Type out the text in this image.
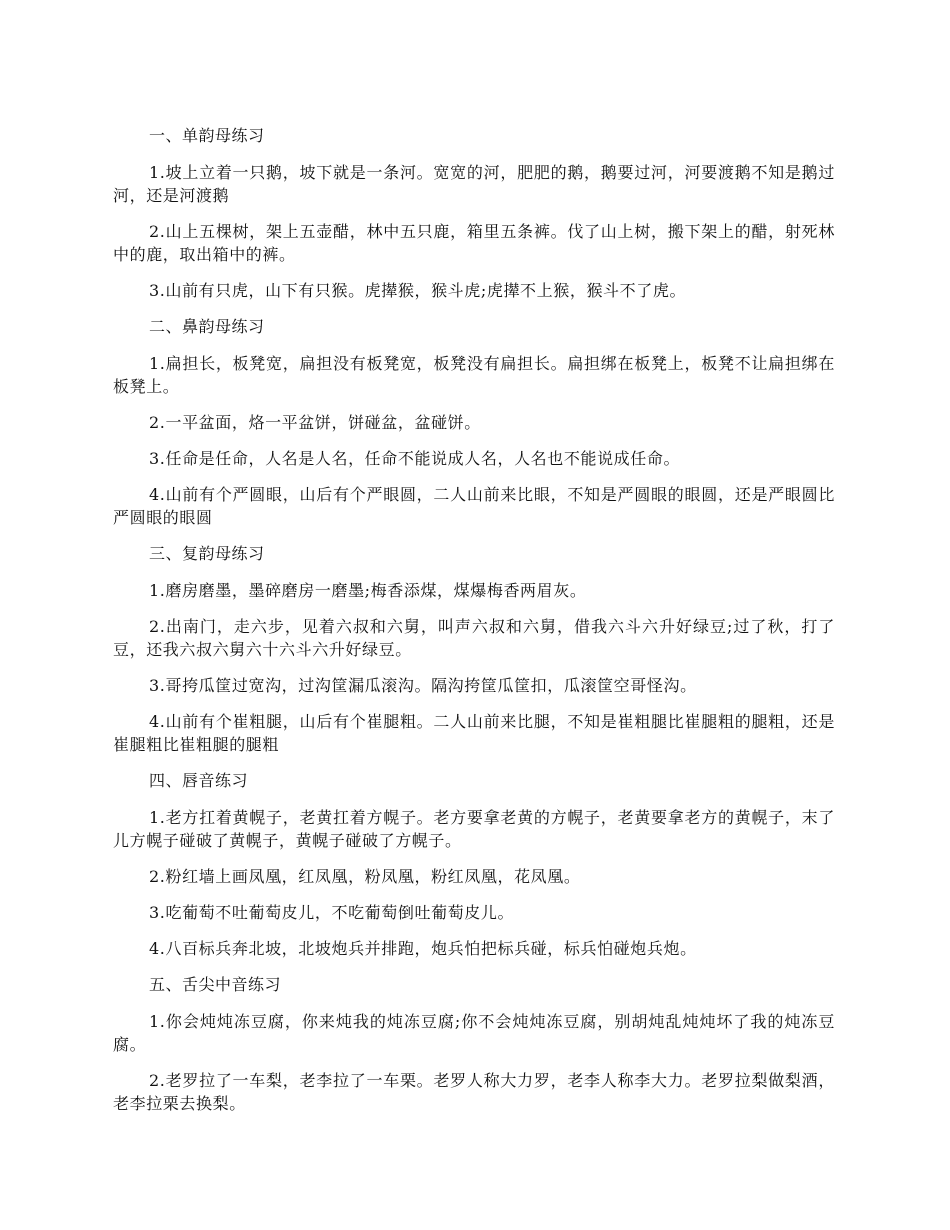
一、单韵母练习

1.坡上立着一只鹅，坡下就是一条河。宽宽的河，肥肥的鹅，鹅要过河，河要渡鹅不知是鹅过河，还是河渡鹅

2.山上五棵树，架上五壶醋，林中五只鹿，箱里五条裤。伐了山上树，搬下架上的醋，射死林中的鹿，取出箱中的裤。

3.山前有只虎，山下有只猴。虎撵猴，猴斗虎;虎撵不上猴，猴斗不了虎。

二、鼻韵母练习

1.扁担长，板凳宽，扁担没有板凳宽，板凳没有扁担长。扁担绑在板凳上，板凳不让扁担绑在板凳上。

2.一平盆面，烙一平盆饼，饼碰盆，盆碰饼。

3.任命是任命，人名是人名，任命不能说成人名，人名也不能说成任命。

4.山前有个严圆眼，山后有个严眼圆，二人山前来比眼，不知是严圆眼的眼圆，还是严眼圆比严圆眼的眼圆

三、复韵母练习

1.磨房磨墨，墨碎磨房一磨墨;梅香添煤，煤爆梅香两眉灰。

2.出南门，走六步，见着六叔和六舅，叫声六叔和六舅，借我六斗六升好绿豆;过了秋，打了豆，还我六叔六舅六十六斗六升好绿豆。

3.哥挎瓜筐过宽沟，过沟筐漏瓜滚沟。隔沟挎筐瓜筐扣，瓜滚筐空哥怪沟。

4.山前有个崔粗腿，山后有个崔腿粗。二人山前来比腿，不知是崔粗腿比崔腿粗的腿粗，还是崔腿粗比崔粗腿的腿粗

四、唇音练习

1.老方扛着黄幌子，老黄扛着方幌子。老方要拿老黄的方幌子，老黄要拿老方的黄幌子，末了儿方幌子碰破了黄幌子，黄幌子碰破了方幌子。

2.粉红墙上画凤凰，红凤凰，粉凤凰，粉红凤凰，花凤凰。

3.吃葡萄不吐葡萄皮儿，不吃葡萄倒吐葡萄皮儿。

4.八百标兵奔北坡，北坡炮兵并排跑，炮兵怕把标兵碰，标兵怕碰炮兵炮。

五、舌尖中音练习

1.你会炖炖冻豆腐，你来炖我的炖冻豆腐;你不会炖炖冻豆腐，别胡炖乱炖炖坏了我的炖冻豆腐。

2.老罗拉了一车梨，老李拉了一车栗。老罗人称大力罗，老李人称李大力。老罗拉梨做梨酒，老李拉栗去换梨。
